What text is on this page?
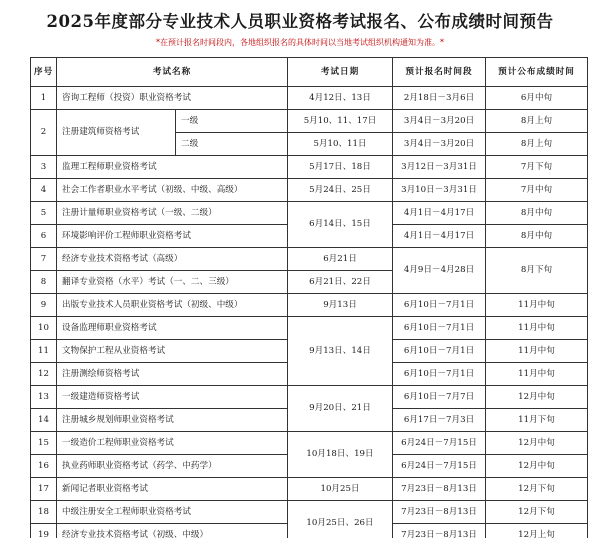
2025年度部分专业技术人员职业资格考试报名、公布成绩时间预告
*在预计报名时间段内，各地组织报名的具体时间以当地考试组织机构通知为准。*
序号	考试名称		考试日期	预计报名时间段	预计公布成绩时间
1	咨询工程师（投资）职业资格考试		4月12日、13日	2月18日－3月6日	6月中旬
2	注册建筑师资格考试	一级	5月10、11、17日	3月4日－3月20日	8月上旬
		二级	5月10、11日	3月4日－3月20日	8月上旬
3	监理工程师职业资格考试		5月17日、18日	3月12日－3月31日	7月下旬
4	社会工作者职业水平考试（初级、中级、高级）		5月24日、25日	3月10日－3月31日	7月中旬
5	注册计量师职业资格考试（一级、二级）		6月14日、15日	4月1日－4月17日	8月中旬
6	环境影响评价工程师职业资格考试			4月1日－4月17日	8月中旬
7	经济专业技术资格考试（高级）		6月21日	4月9日－4月28日	8月下旬
8	翻译专业资格（水平）考试（一、二、三级）		6月21日、22日		
9	出版专业技术人员职业资格考试（初级、中级）		9月13日	6月10日－7月1日	11月中旬
10	设备监理师职业资格考试		9月13日、14日	6月10日－7月1日	11月中旬
11	文物保护工程从业资格考试			6月10日－7月1日	11月中旬
12	注册测绘师资格考试			6月10日－7月1日	11月中旬
13	一级建造师资格考试		9月20日、21日	6月10日－7月7日	12月中旬
14	注册城乡规划师职业资格考试			6月17日－7月3日	11月下旬
15	一级造价工程师职业资格考试		10月18日、19日	6月24日－7月15日	12月中旬
16	执业药师职业资格考试（药学、中药学）			6月24日－7月15日	12月中旬
17	新闻记者职业资格考试		10月25日	7月23日－8月13日	12月下旬
18	中级注册安全工程师职业资格考试		10月25日、26日	7月23日－8月13日	12月下旬
19	经济专业技术资格考试（初级、中级）			7月23日－8月13日	12月上旬
